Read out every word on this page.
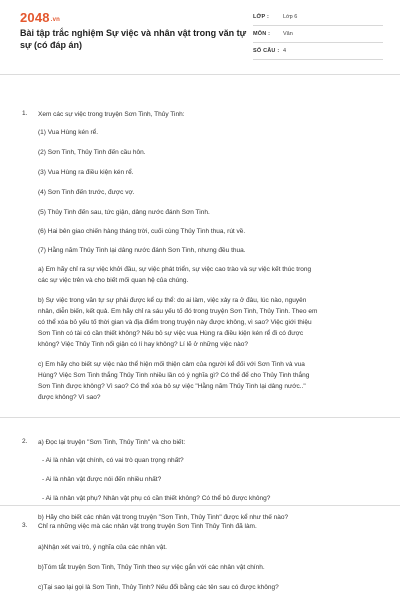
2048.vn
Bài tập trắc nghiệm Sự việc và nhân vật trong văn tự sự (có đáp án)
LỚP :	Lớp 6
MÔN :	Văn
SỐ CÂU : 4
1. Xem các sự việc trong truyện Sơn Tinh, Thủy Tinh:
(1) Vua Hùng kén rể.
(2) Sơn Tinh, Thủy Tinh đến cầu hôn.
(3) Vua Hùng ra điều kiện kén rể.
(4) Sơn Tinh đến trước, được vợ.
(5) Thủy Tinh đến sau, tức giận, dâng nước đánh Sơn Tinh.
(6) Hai bên giao chiến hàng tháng trời, cuối cùng Thủy Tinh thua, rút về.
(7) Hằng năm Thủy Tinh lại dâng nước đánh Sơn Tinh, nhưng đều thua.
a) Em hãy chỉ ra sự việc khởi đầu, sự việc phát triển, sự việc cao trào và sự việc kết thúc trong
các sự việc trên và cho biết mối quan hệ của chúng.
b) Sự việc trong văn tự sự phải được kể cụ thể: do ai làm, việc xảy ra ở đâu, lúc nào, nguyên
nhân, diễn biến, kết quả. Em hãy chỉ ra sáu yếu tố đó trong truyện Sơn Tinh, Thủy Tinh. Theo em
có thể xóa bỏ yếu tố thời gian và địa điểm trong truyện này được không, vì sao? Việc giới thiệu
Sơn Tinh có tài có cần thiết không? Nếu bỏ sự việc vua Hùng ra điều kiện kén rể đi có được
không? Việc Thủy Tinh nổi giận có lí hay không? Lí lẽ ở những việc nào?
c) Em hãy cho biết sự việc nào thể hiện mối thiện cảm của người kể đối với Sơn Tinh và vua
Hùng? Việc Sơn Tinh thắng Thủy Tinh nhiều lần có ý nghĩa gì? Có thể để cho Thủy Tinh thắng
Sơn Tinh được không? Vì sao? Có thể xóa bỏ sự việc "Hằng năm Thủy Tinh lại dâng nước.."
được không? Vì sao?
2. a) Đọc lại truyện "Sơn Tinh, Thủy Tinh" và cho biết:
- Ai là nhân vật chính, có vai trò quan trọng nhất?
- Ai là nhân vật được nói đến nhiều nhất?
- Ai là nhân vật phụ? Nhân vật phụ có cần thiết không? Có thể bỏ được không?
b) Hãy cho biết các nhân vật trong truyện "Sơn Tinh, Thủy Tinh" được kể như thế nào?
3. Chỉ ra những việc mà các nhân vật trong truyện Sơn Tinh Thủy Tinh đã làm.
a)Nhận xét vai trò, ý nghĩa của các nhân vật.
b)Tóm tắt truyện Sơn Tinh, Thủy Tinh theo sự việc gắn với các nhân vật chính.
c)Tại sao lại gọi là Sơn Tinh, Thủy Tinh? Nếu đổi bằng các tên sau có được không?
